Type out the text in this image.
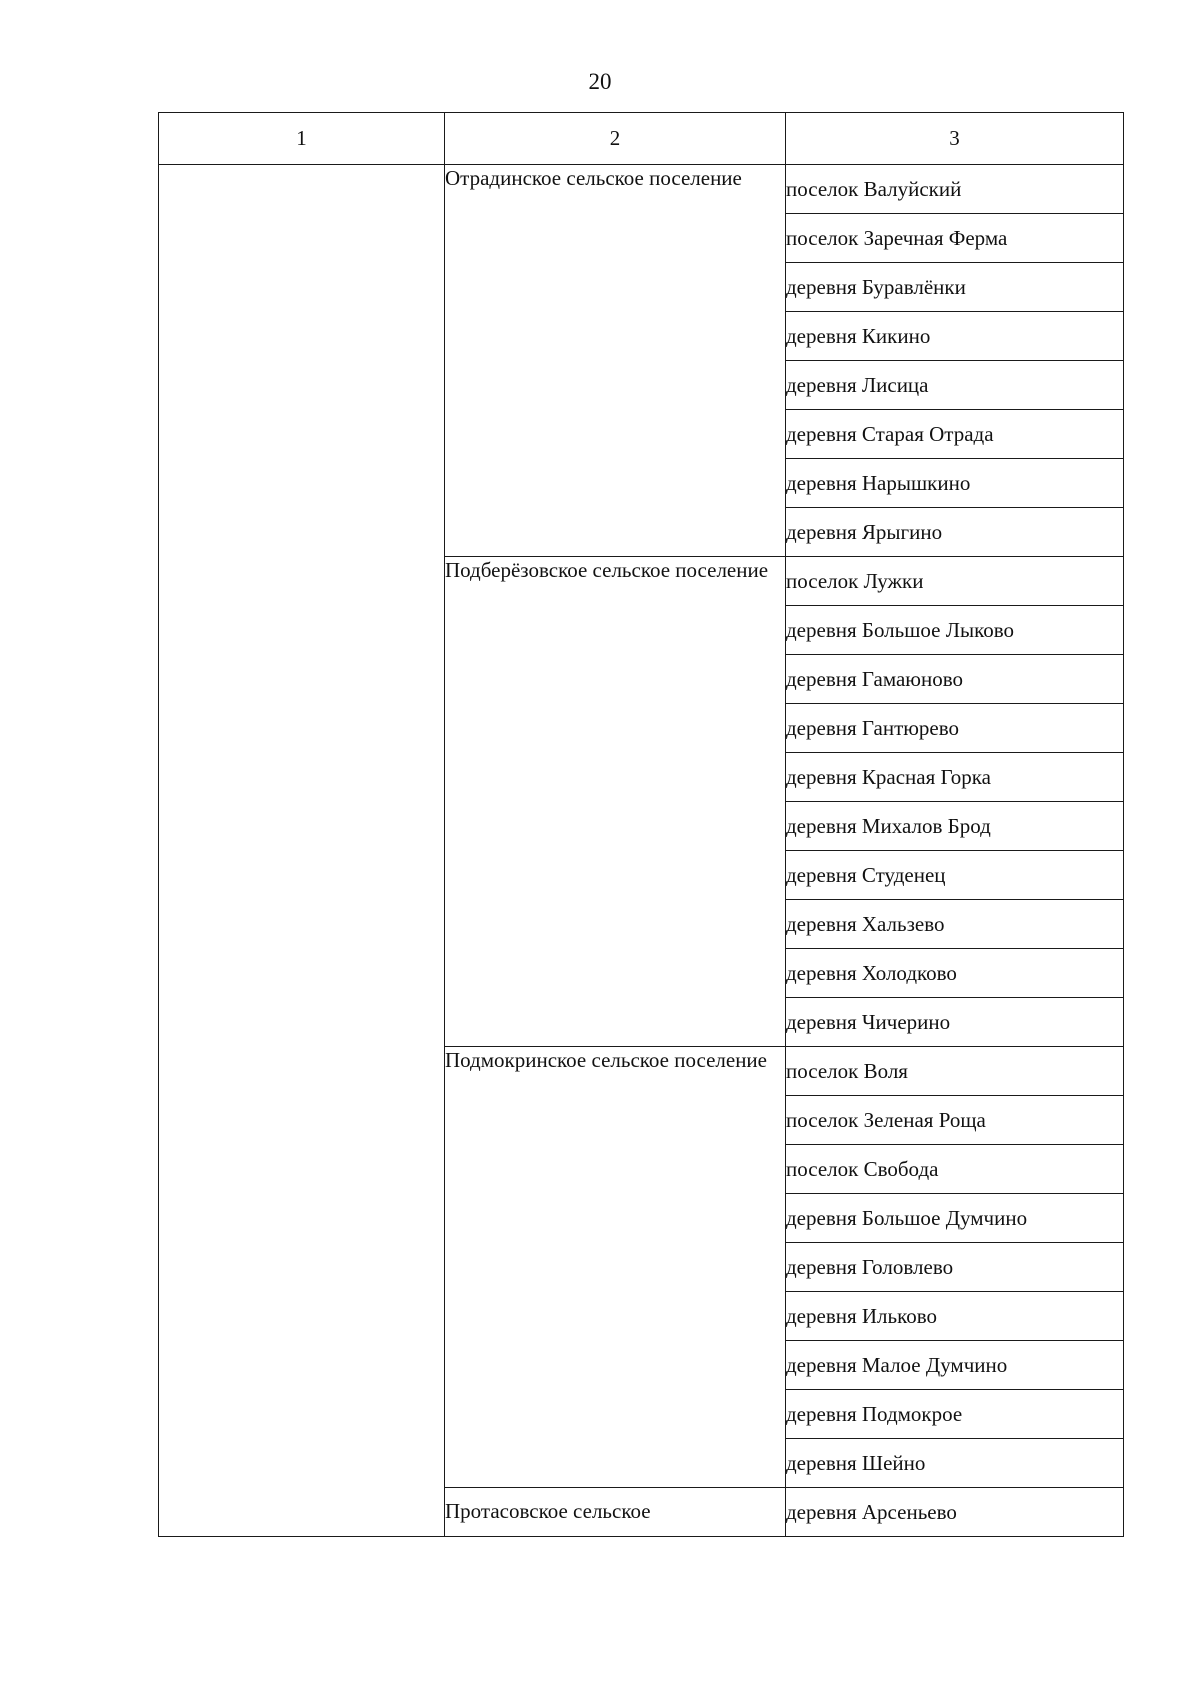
20
1	2	3
	Отрадинское сельское поселение	поселок Валуйский
		поселок Заречная Ферма
		деревня Буравлёнки
		деревня Кикино
		деревня Лисица
		деревня Старая Отрада
		деревня Нарышкино
		деревня Ярыгино
	Подберёзовское сельское поселение	поселок Лужки
		деревня Большое Лыково
		деревня Гамаюново
		деревня Гантюрево
		деревня Красная Горка
		деревня Михалов Брод
		деревня Студенец
		деревня Хальзево
		деревня Холодково
		деревня Чичерино
	Подмокринское сельское поселение	поселок Воля
		поселок Зеленая Роща
		поселок Свобода
		деревня Большое Думчино
		деревня Головлево
		деревня Ильково
		деревня Малое Думчино
		деревня Подмокрое
		деревня Шейно
	Протасовское сельское	деревня Арсеньево
